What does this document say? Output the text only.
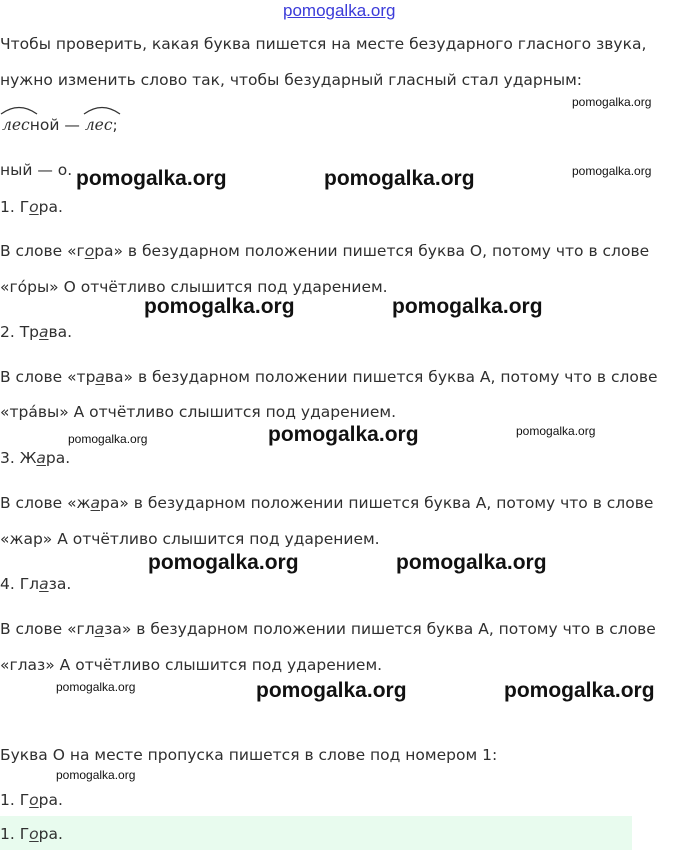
pomogalka.org
Чтобы проверить, какая буква пишется на месте безударного гласного звука,
нужно изменить слово так, чтобы безударный гласный стал ударным:
лесной — лес;
ный — о.
1. Гора.
В слове «гора» в безударном положении пишется буква О, потому что в слове
«гóры» О отчётливо слышится под ударением.
2. Трава.
В слове «трава» в безударном положении пишется буква А, потому что в слове
«трáвы» А отчётливо слышится под ударением.
3. Жара.
В слове «жара» в безударном положении пишется буква А, потому что в слове
«жар» А отчётливо слышится под ударением.
4. Глаза.
В слове «глаза» в безударном положении пишется буква А, потому что в слове
«глаз» А отчётливо слышится под ударением.
Буква О на месте пропуска пишется в слове под номером 1:
1. Гора.
1. Гора.
pomogalka.org
pomogalka.org
pomogalka.org	pomogalka.org
pomogalka.org	pomogalka.org
pomogalka.org	pomogalka.org	pomogalka.org
pomogalka.org	pomogalka.org
pomogalka.org	pomogalka.org	pomogalka.org
pomogalka.org
